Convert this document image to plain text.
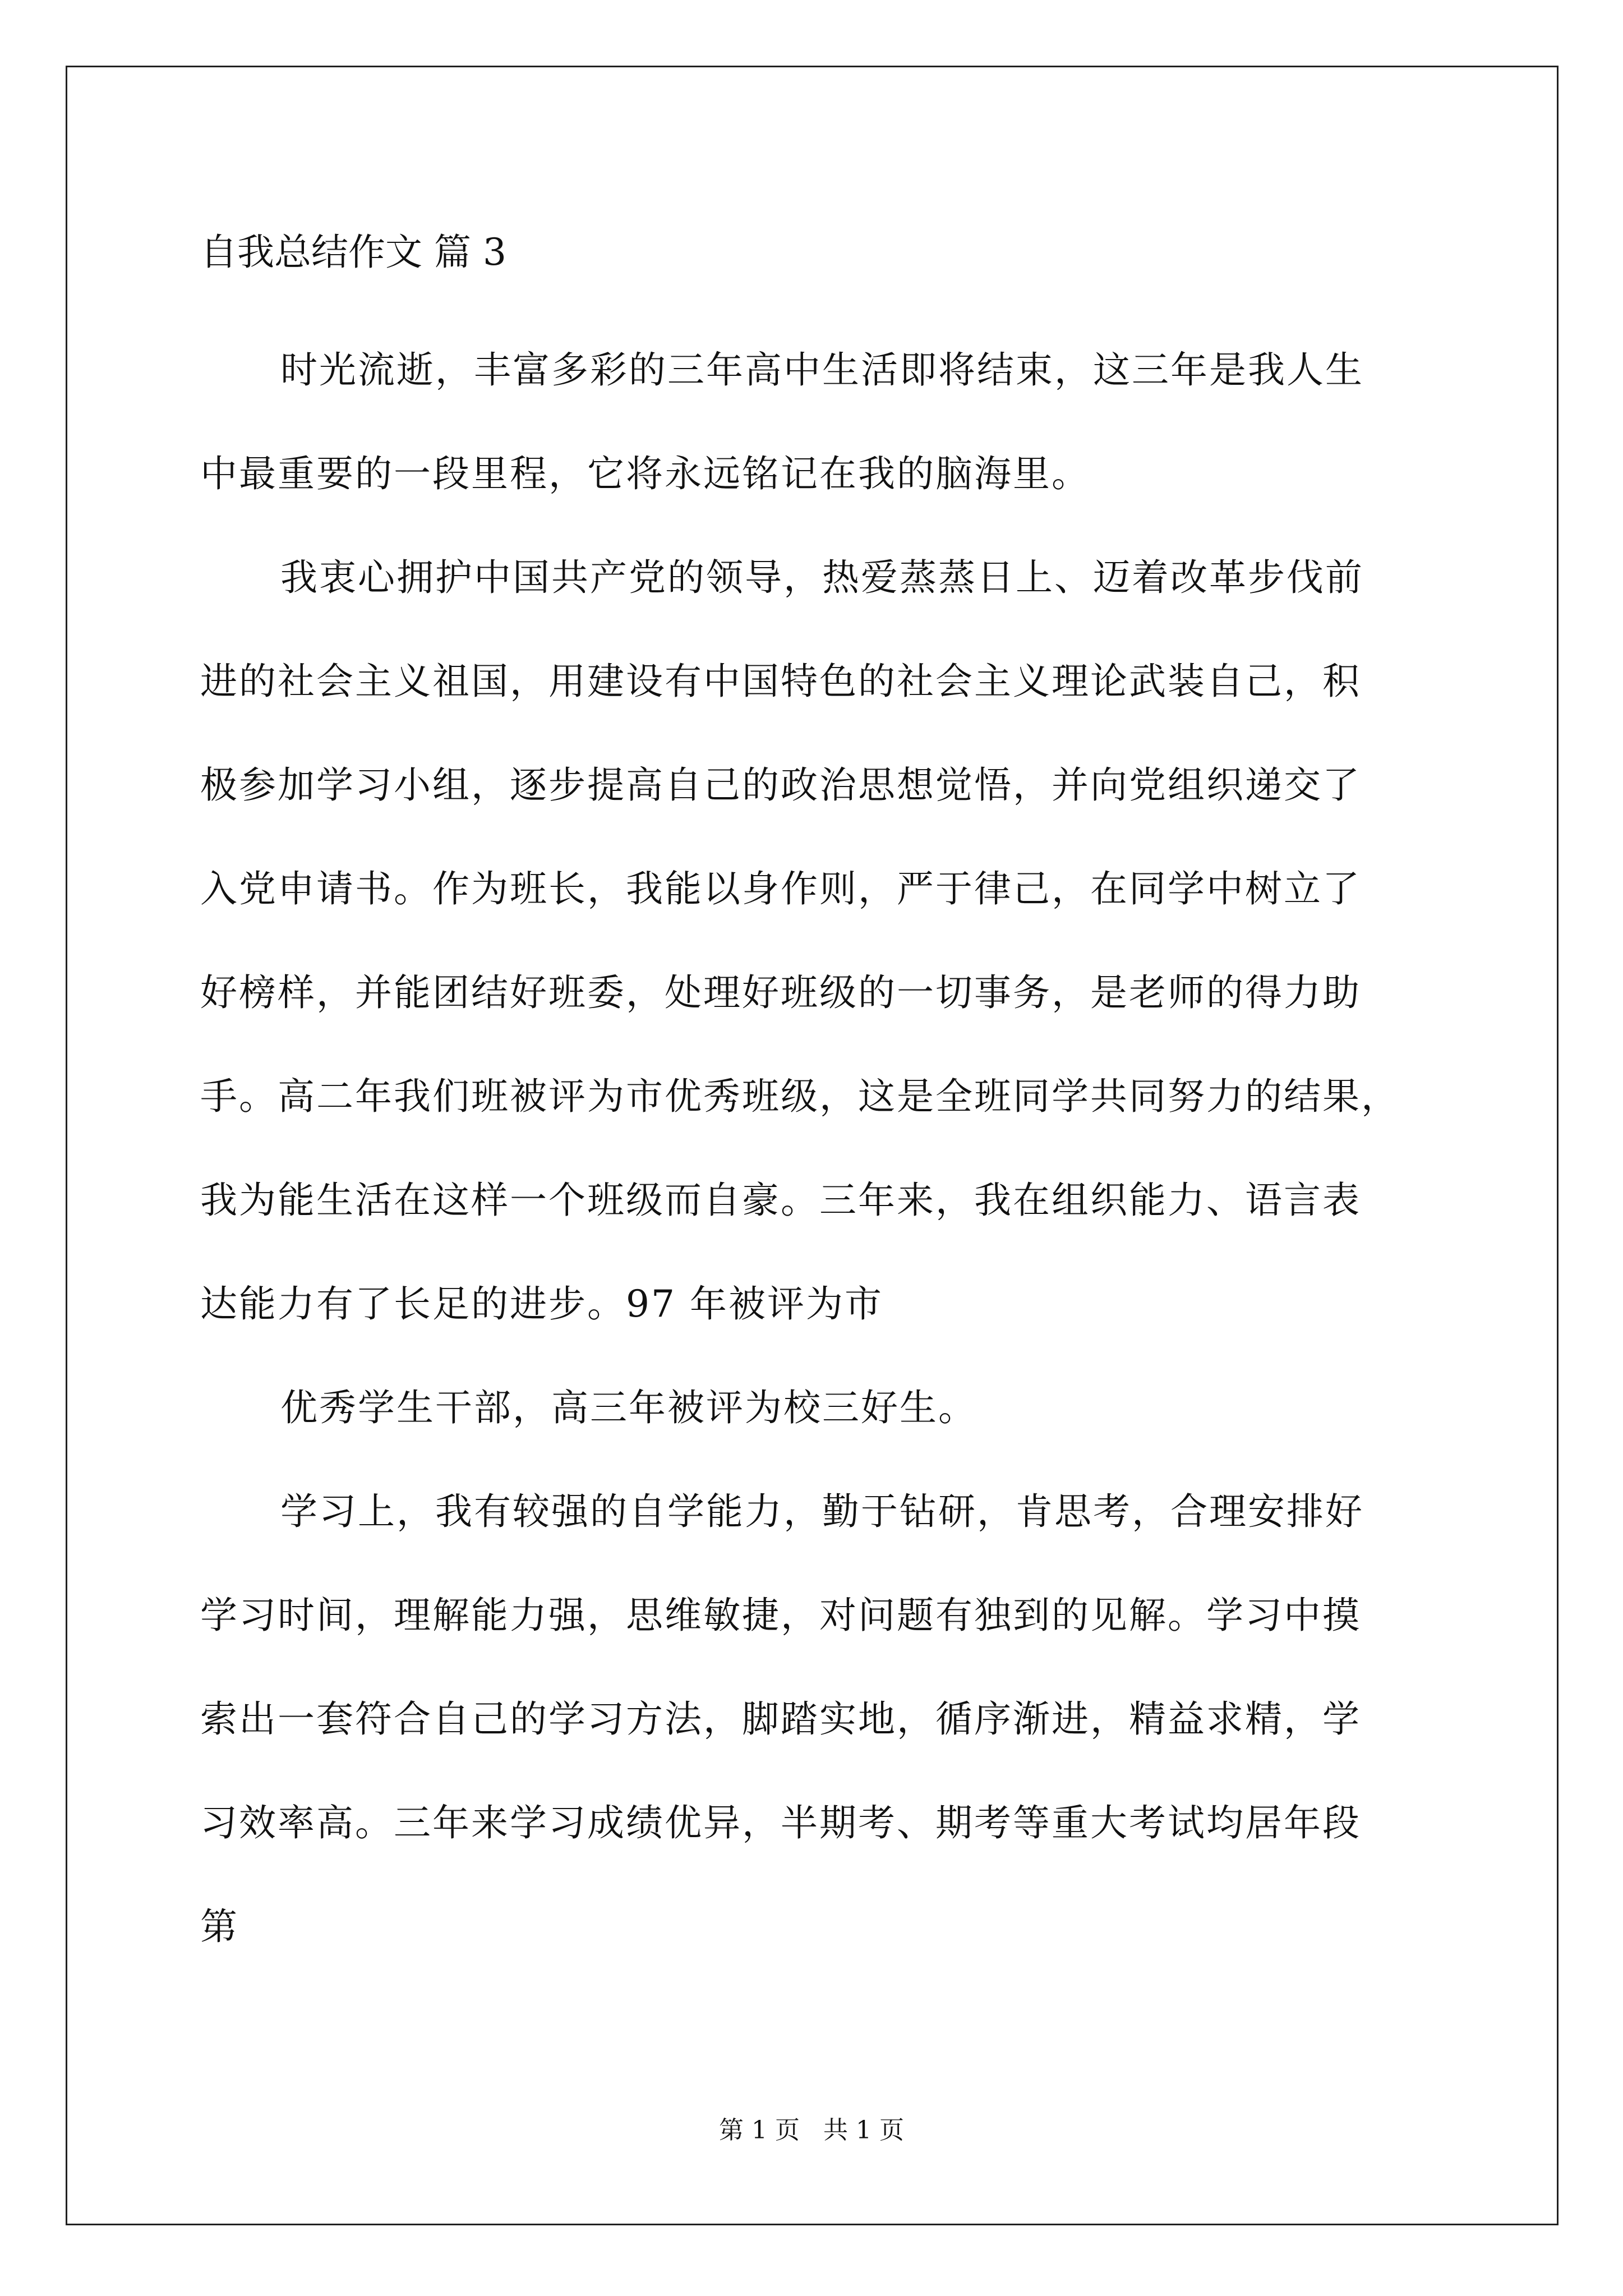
自我总结作文 篇 3
时光流逝，丰富多彩的三年高中生活即将结束，这三年是我人生
中最重要的一段里程，它将永远铭记在我的脑海里。
我衷心拥护中国共产党的领导，热爱蒸蒸日上、迈着改革步伐前
进的社会主义祖国，用建设有中国特色的社会主义理论武装自己，积
极参加学习小组，逐步提高自己的政治思想觉悟，并向党组织递交了
入党申请书。作为班长，我能以身作则，严于律己，在同学中树立了
好榜样，并能团结好班委，处理好班级的一切事务，是老师的得力助
手。高二年我们班被评为市优秀班级，这是全班同学共同努力的结果，
我为能生活在这样一个班级而自豪。三年来，我在组织能力、语言表
达能力有了长足的进步。97 年被评为市
优秀学生干部，高三年被评为校三好生。
学习上，我有较强的自学能力，勤于钻研，肯思考，合理安排好
学习时间，理解能力强，思维敏捷，对问题有独到的见解。学习中摸
索出一套符合自己的学习方法，脚踏实地，循序渐进，精益求精，学
习效率高。三年来学习成绩优异，半期考、期考等重大考试均居年段
第
第 1 页   共 1 页
